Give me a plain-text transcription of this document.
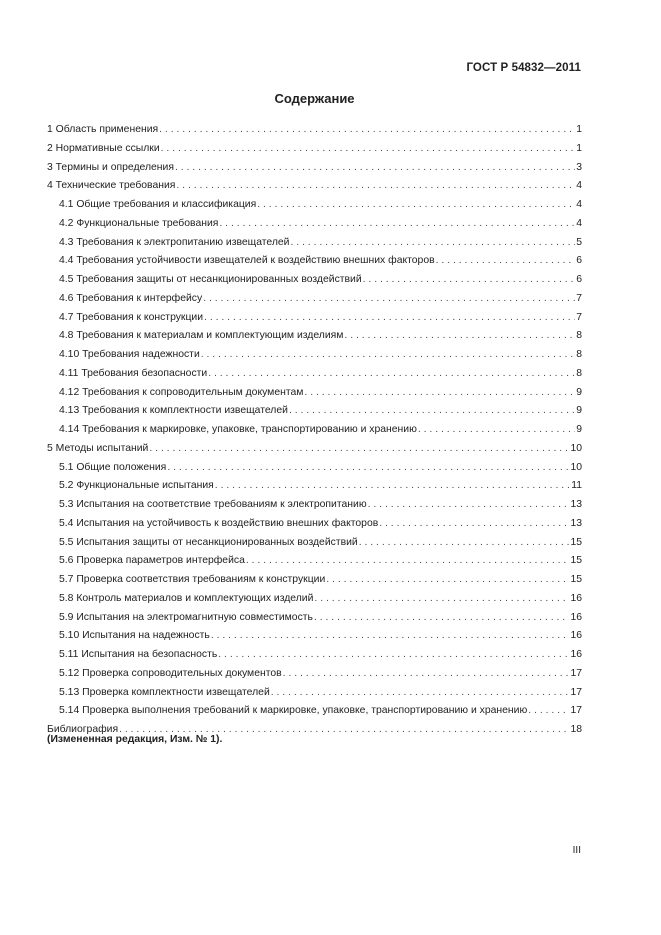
ГОСТ Р 54832—2011
Содержание
1 Область применения . . .	1
2 Нормативные ссылки . . .	1
3 Термины и определения . . .	3
4 Технические требования . . .	4
4.1 Общие требования и классификация . . .	4
4.2 Функциональные требования . . .	4
4.3 Требования к электропитанию извещателей . . .	5
4.4 Требования устойчивости извещателей к воздействию внешних факторов . . .	6
4.5 Требования защиты от несанкционированных воздействий . . .	6
4.6 Требования к интерфейсу . . .	7
4.7 Требования к конструкции . . .	7
4.8 Требования к материалам и комплектующим изделиям . . .	8
4.10 Требования надежности . . .	8
4.11 Требования безопасности . . .	8
4.12 Требования к сопроводительным документам . . .	9
4.13 Требования к комплектности извещателей . . .	9
4.14 Требования к маркировке, упаковке, транспортированию и хранению . . .	9
5 Методы испытаний . . .	10
5.1 Общие положения . . .	10
5.2 Функциональные испытания . . .	11
5.3 Испытания на соответствие требованиям к электропитанию . . .	13
5.4 Испытания на устойчивость к воздействию внешних факторов . . .	13
5.5 Испытания защиты от несанкционированных воздействий . . .	15
5.6 Проверка параметров интерфейса . . .	15
5.7 Проверка соответствия требованиям к конструкции . . .	15
5.8 Контроль материалов и комплектующих изделий . . .	16
5.9 Испытания на электромагнитную совместимость . . .	16
5.10 Испытания на надежность . . .	16
5.11 Испытания на безопасность . . .	16
5.12 Проверка сопроводительных документов . . .	17
5.13 Проверка комплектности извещателей . . .	17
5.14 Проверка выполнения требований к маркировке, упаковке, транспортированию и хранению . . .	17
Библиография . . .	18
(Измененная редакция, Изм. № 1).
III
